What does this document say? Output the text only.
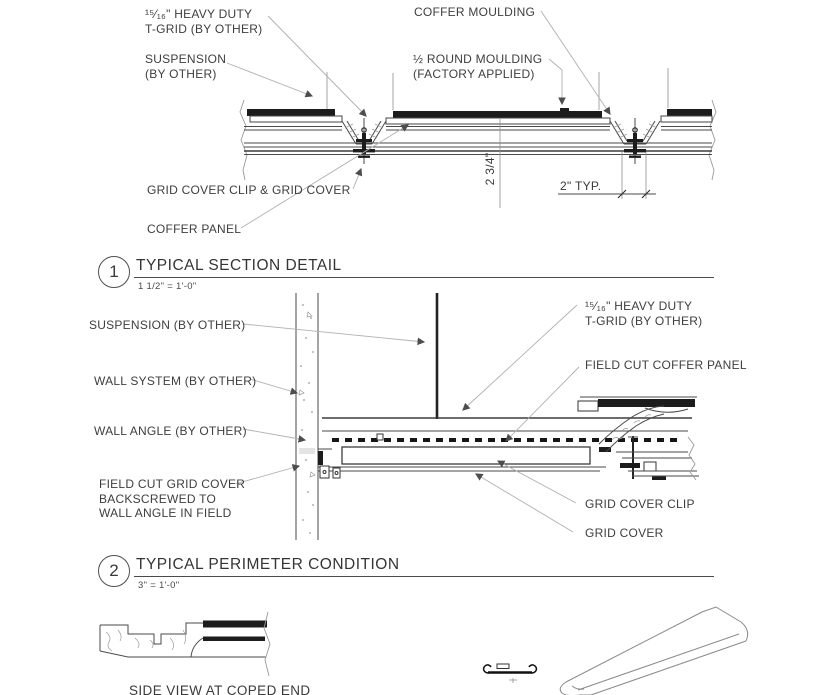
¹⁵⁄₁₆" HEAVY DUTY
T-GRID (BY OTHER)
COFFER MOULDING
SUSPENSION
(BY OTHER)
½ ROUND MOULDING
(FACTORY APPLIED)
GRID COVER CLIP & GRID COVER
COFFER PANEL
2 3/4"
2" TYP.
1	TYPICAL SECTION DETAIL
1 1/2" = 1'-0"
SUSPENSION (BY OTHER)
WALL SYSTEM (BY OTHER)
WALL ANGLE (BY OTHER)
FIELD CUT GRID COVER
BACKSCREWED TO
WALL ANGLE IN FIELD
¹⁵⁄₁₆" HEAVY DUTY
T-GRID (BY OTHER)
FIELD CUT COFFER PANEL
GRID COVER CLIP
GRID COVER
2	TYPICAL PERIMETER CONDITION
3" = 1'-0"
SIDE VIEW AT COPED END
